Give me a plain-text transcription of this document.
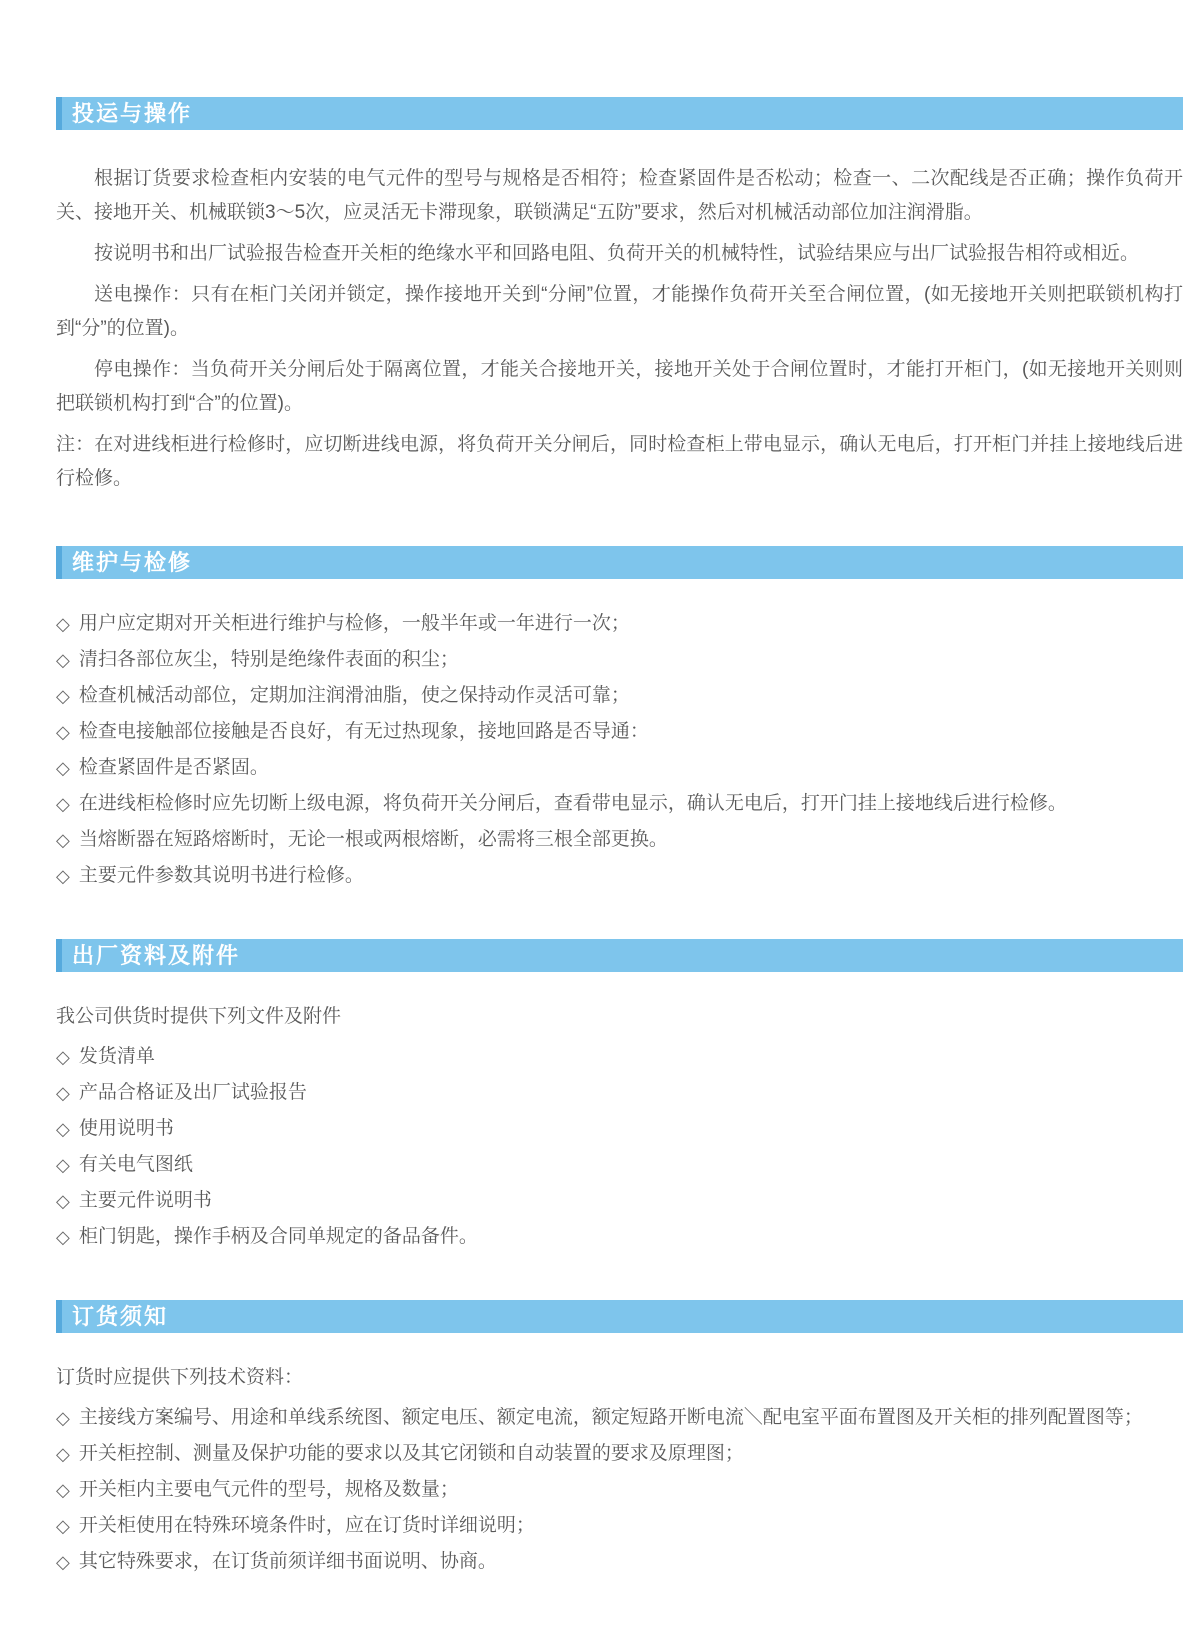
投运与操作

根据订货要求检查柜内安装的电气元件的型号与规格是否相符；检查紧固件是否松动；检查一、二次配线是否正确；操作负荷开关、接地开关、机械联锁3～5次，应灵活无卡滞现象，联锁满足“五防”要求，然后对机械活动部位加注润滑脂。

按说明书和出厂试验报告检查开关柜的绝缘水平和回路电阻、负荷开关的机械特性，试验结果应与出厂试验报告相符或相近。

送电操作：只有在柜门关闭并锁定，操作接地开关到“分闸”位置，才能操作负荷开关至合闸位置，(如无接地开关则把联锁机构打到“分”的位置)。

停电操作：当负荷开关分闸后处于隔离位置，才能关合接地开关，接地开关处于合闸位置时，才能打开柜门，(如无接地开关则则把联锁机构打到“合”的位置)。

注：在对进线柜进行检修时，应切断进线电源，将负荷开关分闸后，同时检查柜上带电显示，确认无电后，打开柜门并挂上接地线后进行检修。

维护与检修
◇ 用户应定期对开关柜进行维护与检修，一般半年或一年进行一次；
◇ 清扫各部位灰尘，特别是绝缘件表面的积尘；
◇ 检查机械活动部位，定期加注润滑油脂，使之保持动作灵活可靠；
◇ 检查电接触部位接触是否良好，有无过热现象，接地回路是否导通：
◇ 检查紧固件是否紧固。
◇ 在进线柜检修时应先切断上级电源，将负荷开关分闸后，查看带电显示，确认无电后，打开门挂上接地线后进行检修。
◇ 当熔断器在短路熔断时，无论一根或两根熔断，必需将三根全部更换。
◇ 主要元件参数其说明书进行检修。
出厂资料及附件

我公司供货时提供下列文件及附件

◇ 发货清单
◇ 产品合格证及出厂试验报告
◇ 使用说明书
◇ 有关电气图纸
◇ 主要元件说明书
◇ 柜门钥匙，操作手柄及合同单规定的备品备件。
订货须知

订货时应提供下列技术资料：

◇ 主接线方案编号、用途和单线系统图、额定电压、额定电流，额定短路开断电流＼配电室平面布置图及开关柜的排列配置图等；
◇ 开关柜控制、测量及保护功能的要求以及其它闭锁和自动装置的要求及原理图；
◇ 开关柜内主要电气元件的型号，规格及数量；
◇ 开关柜使用在特殊环境条件时，应在订货时详细说明；
◇ 其它特殊要求，在订货前须详细书面说明、协商。
